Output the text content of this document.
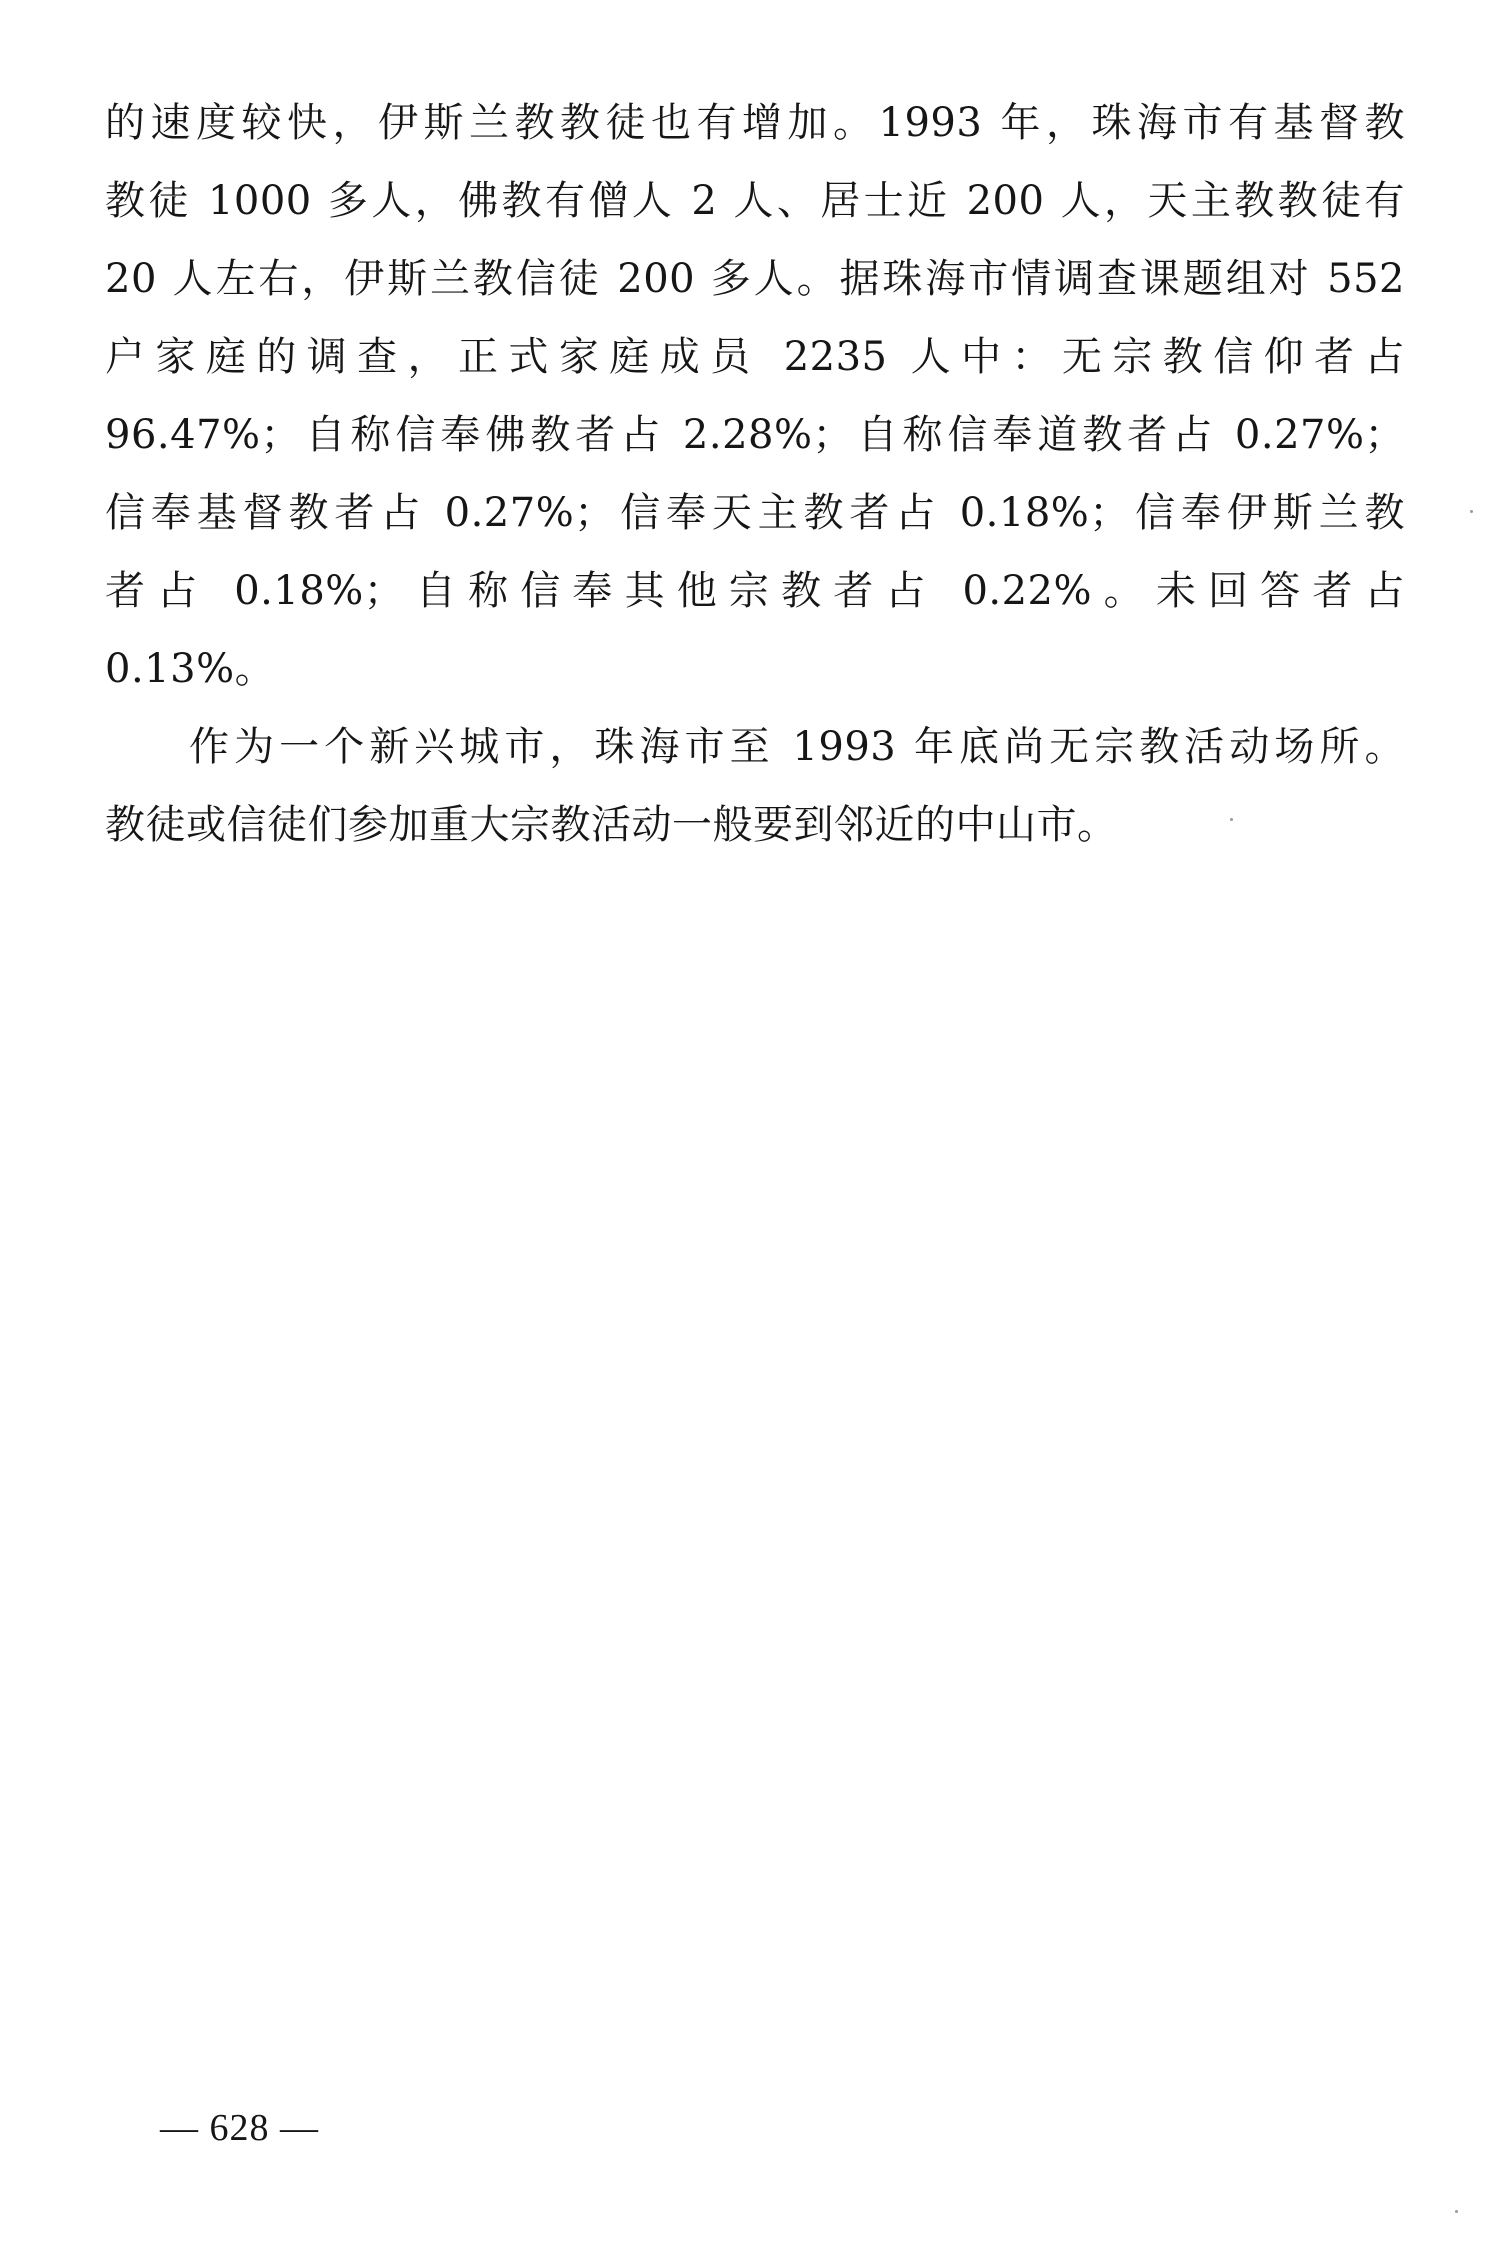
的速度较快，伊斯兰教教徒也有增加。1993 年，珠海市有基督教
教徒 1000 多人，佛教有僧人 2 人、居士近 200 人，天主教教徒有
20 人左右，伊斯兰教信徒 200 多人。据珠海市情调查课题组对 552
户家庭的调查，正式家庭成员 2235 人中：无宗教信仰者占
96.47%；自称信奉佛教者占 2.28%；自称信奉道教者占 0.27%；
信奉基督教者占 0.27%；信奉天主教者占 0.18%；信奉伊斯兰教
者占 0.18%；自称信奉其他宗教者占 0.22%。未回答者占
0.13%。
作为一个新兴城市，珠海市至 1993 年底尚无宗教活动场所。
教徒或信徒们参加重大宗教活动一般要到邻近的中山市。
— 628 —
